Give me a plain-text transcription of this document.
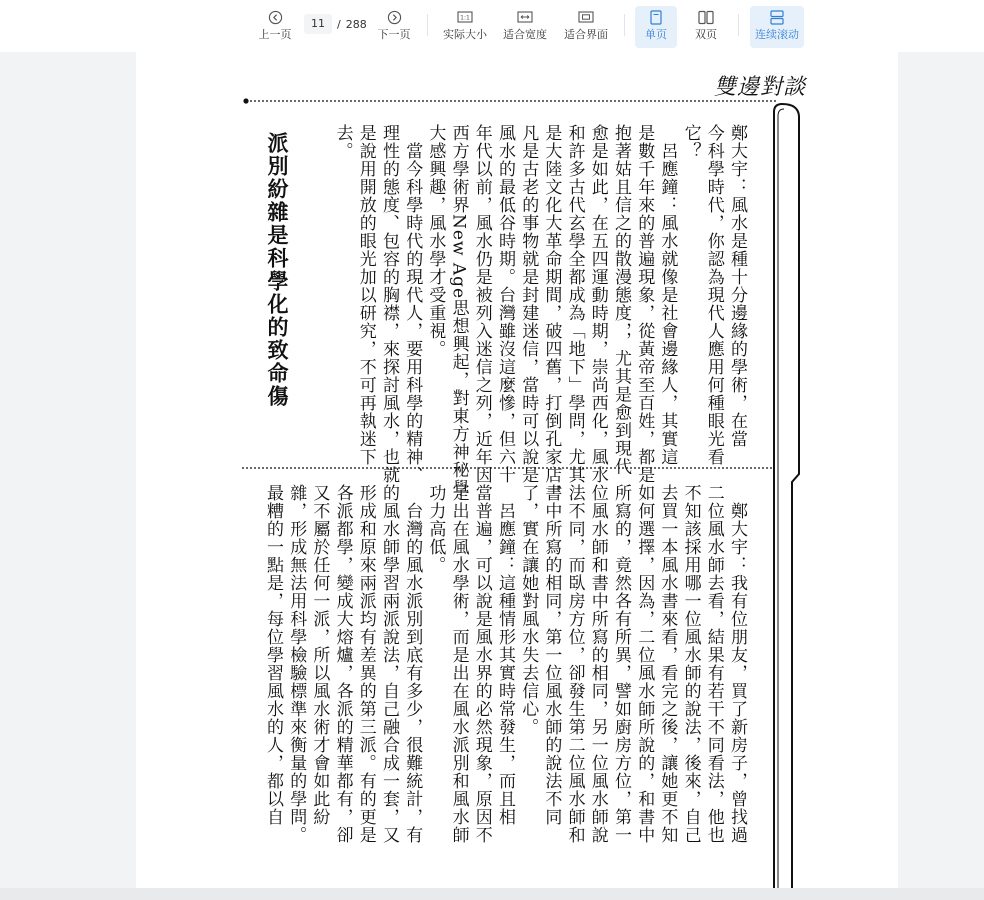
上一页
11	/ 288
下一页
1:1
实际大小 适合宽度 适合界面	单页	双页	连续滚动
雙邊對談
鄭大宇：風水是種十分邊緣的學術，在當
今科學時代，你認為現代人應用何種眼光看
它？
　呂應鐘：風水就像是社會邊緣人，其實這
是數千年來的普遍現象，從黃帝至百姓，都是
抱著姑且信之的散漫態度，，尤其是愈到現代
愈是如此，在五四運動時期，崇尚西化，風水
和許多古代玄學全都成為「地下」學問，尤其
是大陸文化大革命期間，破四舊，打倒孔家店，
凡是古老的事物就是封建迷信，當時可以說是
風水的最低谷時期。台灣雖沒這麼慘，但六十
年代以前，風水仍是被列入迷信之列，近年因
西方學術界New Age思想興起，對東方神秘學
大感興趣，風水學才受重視。
　當今科學時代的現代人，要用科學的精神、
理性的態度、包容的胸襟，來探討風水，也就
是說用開放的眼光加以研究，不可再執迷下
去。
派別紛雜是科學化的致命傷
　鄭大宇：我有位朋友，買了新房子，曾找過
二位風水師去看，結果有若干不同看法，他也
不知該採用哪一位風水師的說法，後來，自己
去買一本風水書來看，看完之後，讓她更不知
如何選擇，因為，二位風水師所說的，和書中
所寫的，竟然各有所異，譬如廚房方位，第一
位風水師和書中所寫的相同，另一位風水師說
法不同，而臥房方位，卻發生第二位風水師和
書中所寫的相同，第一位風水師的說法不同
了，實在讓她對風水失去信心。
　呂應鐘：這種情形其實時常發生，而且相
當普遍，可以說是風水界的必然現象，原因不
是出在風水學術，而是出在風水派別和風水師
功力高低。
　台灣的風水派別到底有多少，很難統計，有
的風水師學習兩派說法，自己融合成一套，又
形成和原來兩派均有差異的第三派。有的更是
各派都學，變成大熔爐，各派的精華都有，卻
又不屬於任何一派，所以風水術才會如此紛
雜，形成無法用科學檢驗標準來衡量的學問。
最糟的一點是，每位學習風水的人，都以自
